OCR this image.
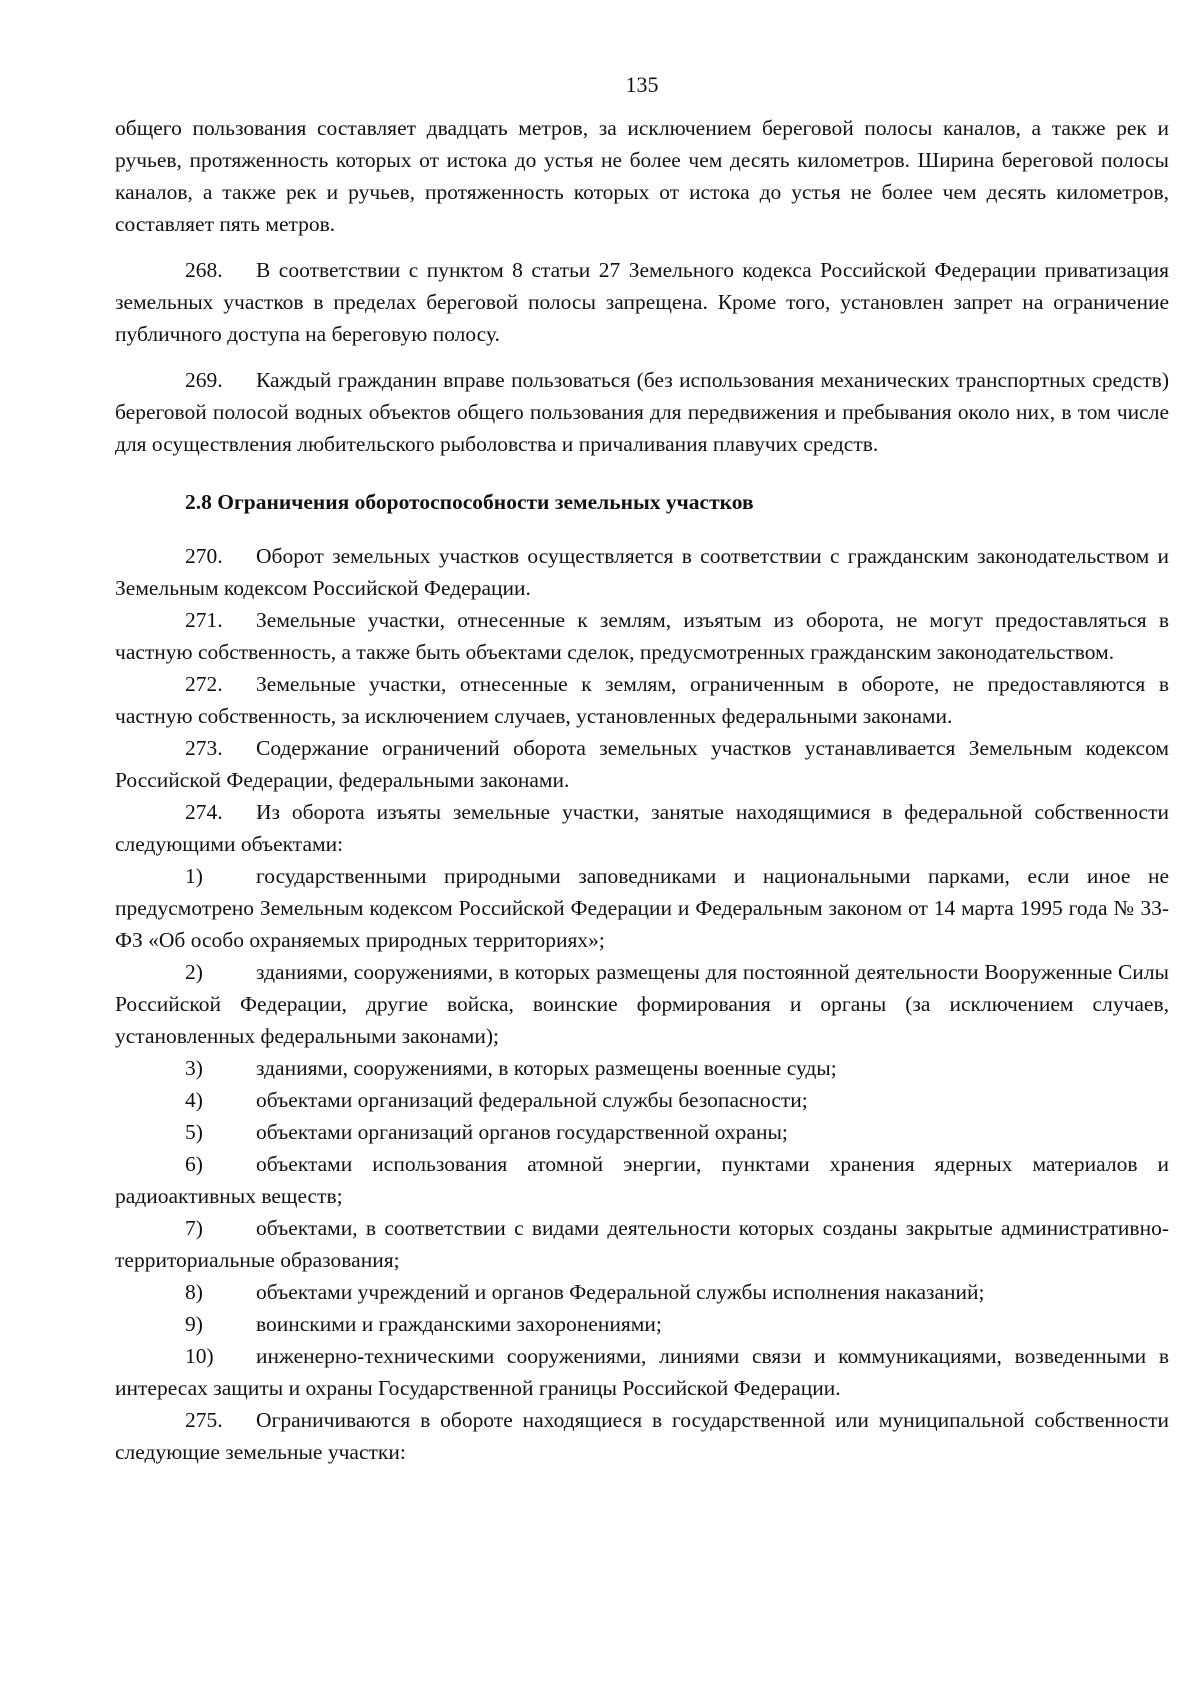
135

общего пользования составляет двадцать метров, за исключением береговой полосы каналов, а также рек и ручьев, протяженность которых от истока до устья не более чем десять километров. Ширина береговой полосы каналов, а также рек и ручьев, протяженность которых от истока до устья не более чем десять километров, составляет пять метров.

268. В соответствии с пунктом 8 статьи 27 Земельного кодекса Российской Федерации приватизация земельных участков в пределах береговой полосы запрещена. Кроме того, установлен запрет на ограничение публичного доступа на береговую полосу.

269. Каждый гражданин вправе пользоваться (без использования механических транспортных средств) береговой полосой водных объектов общего пользования для передвижения и пребывания около них, в том числе для осуществления любительского рыболовства и причаливания плавучих средств.

2.8 Ограничения оборотоспособности земельных участков

270. Оборот земельных участков осуществляется в соответствии с гражданским законодательством и Земельным кодексом Российской Федерации.

271. Земельные участки, отнесенные к землям, изъятым из оборота, не могут предоставляться в частную собственность, а также быть объектами сделок, предусмотренных гражданским законодательством.

272. Земельные участки, отнесенные к землям, ограниченным в обороте, не предоставляются в частную собственность, за исключением случаев, установленных федеральными законами.

273. Содержание ограничений оборота земельных участков устанавливается Земельным кодексом Российской Федерации, федеральными законами.

274. Из оборота изъяты земельные участки, занятые находящимися в федеральной собственности следующими объектами:

1) государственными природными заповедниками и национальными парками, если иное не предусмотрено Земельным кодексом Российской Федерации и Федеральным законом от 14 марта 1995 года № 33-ФЗ «Об особо охраняемых природных территориях»;

2) зданиями, сооружениями, в которых размещены для постоянной деятельности Вооруженные Силы Российской Федерации, другие войска, воинские формирования и органы (за исключением случаев, установленных федеральными законами);

3) зданиями, сооружениями, в которых размещены военные суды;

4) объектами организаций федеральной службы безопасности;

5) объектами организаций органов государственной охраны;

6) объектами использования атомной энергии, пунктами хранения ядерных материалов и радиоактивных веществ;

7) объектами, в соответствии с видами деятельности которых созданы закрытые административно-территориальные образования;

8) объектами учреждений и органов Федеральной службы исполнения наказаний;

9) воинскими и гражданскими захоронениями;

10) инженерно-техническими сооружениями, линиями связи и коммуникациями, возведенными в интересах защиты и охраны Государственной границы Российской Федерации.

275. Ограничиваются в обороте находящиеся в государственной или муниципальной собственности следующие земельные участки:
